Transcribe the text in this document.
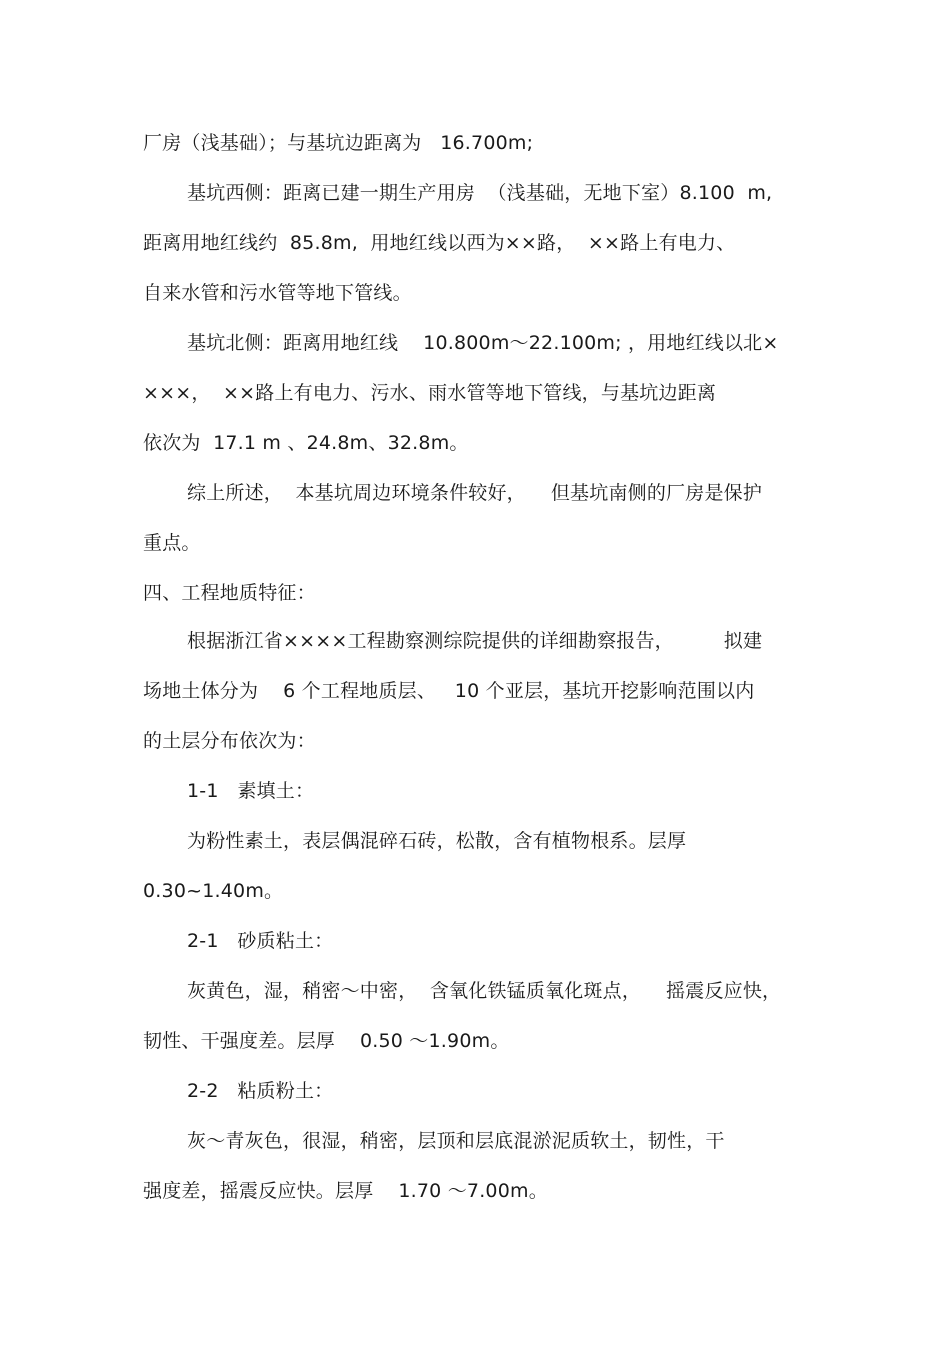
厂房（浅基础）；与基坑边距离为   16.700m;
基坑西侧：距离已建一期生产用房  （浅基础，无地下室）8.100  m,
距离用地红线约  85.8m,  用地红线以西为××路，  ××路上有电力、
自来水管和污水管等地下管线。
基坑北侧：距离用地红线    10.800m～22.100m; ，用地红线以北×
×××，  ××路上有电力、污水、雨水管等地下管线，与基坑边距离
依次为  17.1 m 、24.8m、32.8m。
综上所述，  本基坑周边环境条件较好，    但基坑南侧的厂房是保护
重点。
四、工程地质特征：
根据浙江省××××工程勘察测综院提供的详细勘察报告，        拟建
场地土体分为    6 个工程地质层、   10 个亚层，基坑开挖影响范围以内
的土层分布依次为：
1-1   素填土：
为粉性素土，表层偶混碎石砖，松散，含有植物根系。层厚
0.30~1.40m。
2-1   砂质粘土：
灰黄色，湿，稍密～中密，  含氧化铁锰质氧化斑点，    摇震反应快，
韧性、干强度差。层厚    0.50 ～1.90m。
2-2   粘质粉土：
灰～青灰色，很湿，稍密，层顶和层底混淤泥质软土，韧性，干
强度差，摇震反应快。层厚    1.70 ～7.00m。
